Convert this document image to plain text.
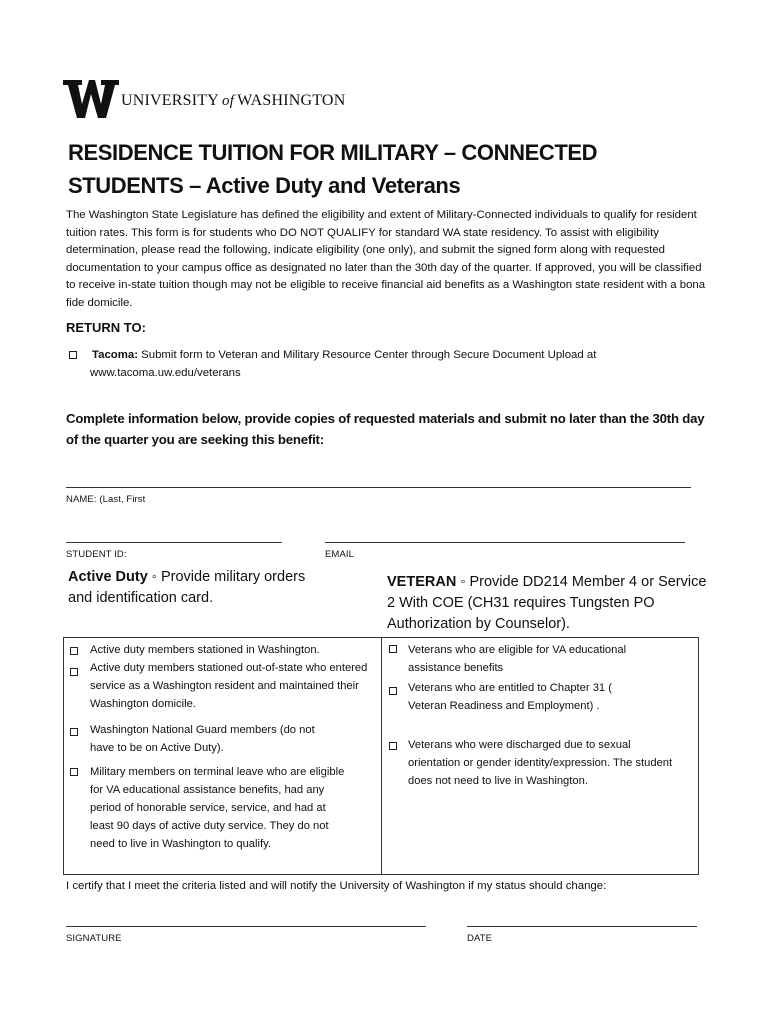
UNIVERSITY of WASHINGTON
RESIDENCE TUITION FOR MILITARY – CONNECTED
STUDENTS – Active Duty and Veterans
The Washington State Legislature has defined the eligibility and extent of Military-Connected individuals to qualify for resident tuition rates. This form is for students who DO NOT QUALIFY for standard WA state residency. To assist with eligibility determination, please read the following, indicate eligibility (one only), and submit the signed form along with requested documentation to your campus office as designated no later than the 30th day of the quarter. If approved, you will be classified to receive in-state tuition though may not be eligible to receive financial aid benefits as a Washington state resident with a bona fide domicile.
RETURN TO:
Tacoma: Submit form to Veteran and Military Resource Center through Secure Document Upload at
www.tacoma.uw.edu/veterans
Complete information below, provide copies of requested materials and submit no later than the 30th day of the quarter you are seeking this benefit:
NAME: (Last, First
STUDENT ID:	EMAIL
Active Duty ◦ Provide military orders and identification card.
VETERAN ◦ Provide DD214 Member 4 or Service 2 With COE (CH31 requires Tungsten PO Authorization by Counselor).
Active duty members stationed in Washington.
Active duty members stationed out-of-state who entered service as a Washington resident and maintained their Washington domicile.
Washington National Guard members (do not have to be on Active Duty).
Military members on terminal leave who are eligible for VA educational assistance benefits, had any period of honorable service, service, and had at least 90 days of active duty service. They do not need to live in Washington to qualify.
Veterans who are eligible for VA educational assistance benefits
Veterans who are entitled to Chapter 31 ( Veteran Readiness and Employment) .
Veterans who were discharged due to sexual orientation or gender identity/expression. The student does not need to live in Washington.
I certify that I meet the criteria listed and will notify the University of Washington if my status should change:
SIGNATURE	DATE
